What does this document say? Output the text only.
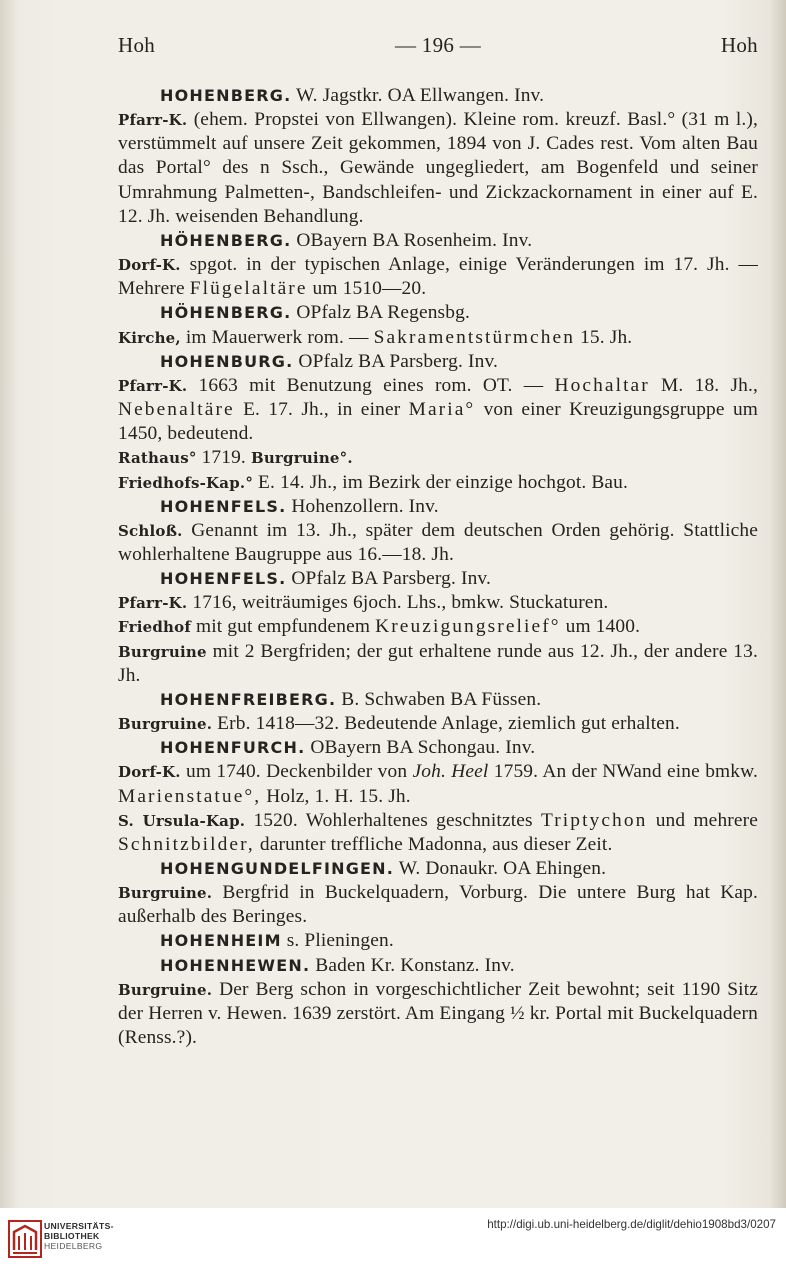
Hoh	— 196 —	Hoh

HOHENBERG. W. Jagstkr. OA Ellwangen. Inv.

Pfarr-K. (ehem. Propstei von Ellwangen). Kleine rom. kreuzf. Basl.° (31 m l.), verstümmelt auf unsere Zeit gekommen, 1894 von J. Cades rest. Vom alten Bau das Portal° des n Ssch., Gewände ungegliedert, am Bogenfeld und seiner Umrahmung Palmetten-, Bandschleifen- und Zickzackornament in einer auf E. 12. Jh. weisenden Behandlung.

HÖHENBERG. OBayern BA Rosenheim. Inv.

Dorf-K. spgot. in der typischen Anlage, einige Veränderungen im 17. Jh. — Mehrere Flügelaltäre um 1510—20.

HÖHENBERG. OPfalz BA Regensbg.

Kirche, im Mauerwerk rom. — Sakramentstürmchen 15. Jh.

HOHENBURG. OPfalz BA Parsberg. Inv.

Pfarr-K. 1663 mit Benutzung eines rom. OT. — Hochaltar M. 18. Jh., Nebenaltäre E. 17. Jh., in einer Maria° von einer Kreuzigungsgruppe um 1450, bedeutend.

Rathaus° 1719. Burgruine°.

Friedhofs-Kap.° E. 14. Jh., im Bezirk der einzige hochgot. Bau.

HOHENFELS. Hohenzollern. Inv.

Schloß. Genannt im 13. Jh., später dem deutschen Orden gehörig. Stattliche wohlerhaltene Baugruppe aus 16.—18. Jh.

HOHENFELS. OPfalz BA Parsberg. Inv.

Pfarr-K. 1716, weiträumiges 6joch. Lhs., bmkw. Stuckaturen.

Friedhof mit gut empfundenem Kreuzigungsrelief° um 1400.

Burgruine mit 2 Bergfriden; der gut erhaltene runde aus 12. Jh., der andere 13. Jh.

HOHENFREIBERG. B. Schwaben BA Füssen.

Burgruine. Erb. 1418—32. Bedeutende Anlage, ziemlich gut erhalten.

HOHENFURCH. OBayern BA Schongau. Inv.

Dorf-K. um 1740. Deckenbilder von Joh. Heel 1759. An der NWand eine bmkw. Marienstatue°, Holz, 1. H. 15. Jh.

S. Ursula-Kap. 1520. Wohlerhaltenes geschnitztes Triptychon und mehrere Schnitzbilder, darunter treffliche Madonna, aus dieser Zeit.

HOHENGUNDELFINGEN. W. Donaukr. OA Ehingen.

Burgruine. Bergfrid in Buckelquadern, Vorburg. Die untere Burg hat Kap. außerhalb des Beringes.

HOHENHEIM s. Plieningen.

HOHENHEWEN. Baden Kr. Konstanz. Inv.

Burgruine. Der Berg schon in vorgeschichtlicher Zeit bewohnt; seit 1190 Sitz der Herren v. Hewen. 1639 zerstört. Am Eingang ½ kr. Portal mit Buckelquadern (Renss.?).

UNIVERSITÄTS-
BIBLIOTHEK
HEIDELBERG
http://digi.ub.uni-heidelberg.de/diglit/dehio1908bd3/0207
